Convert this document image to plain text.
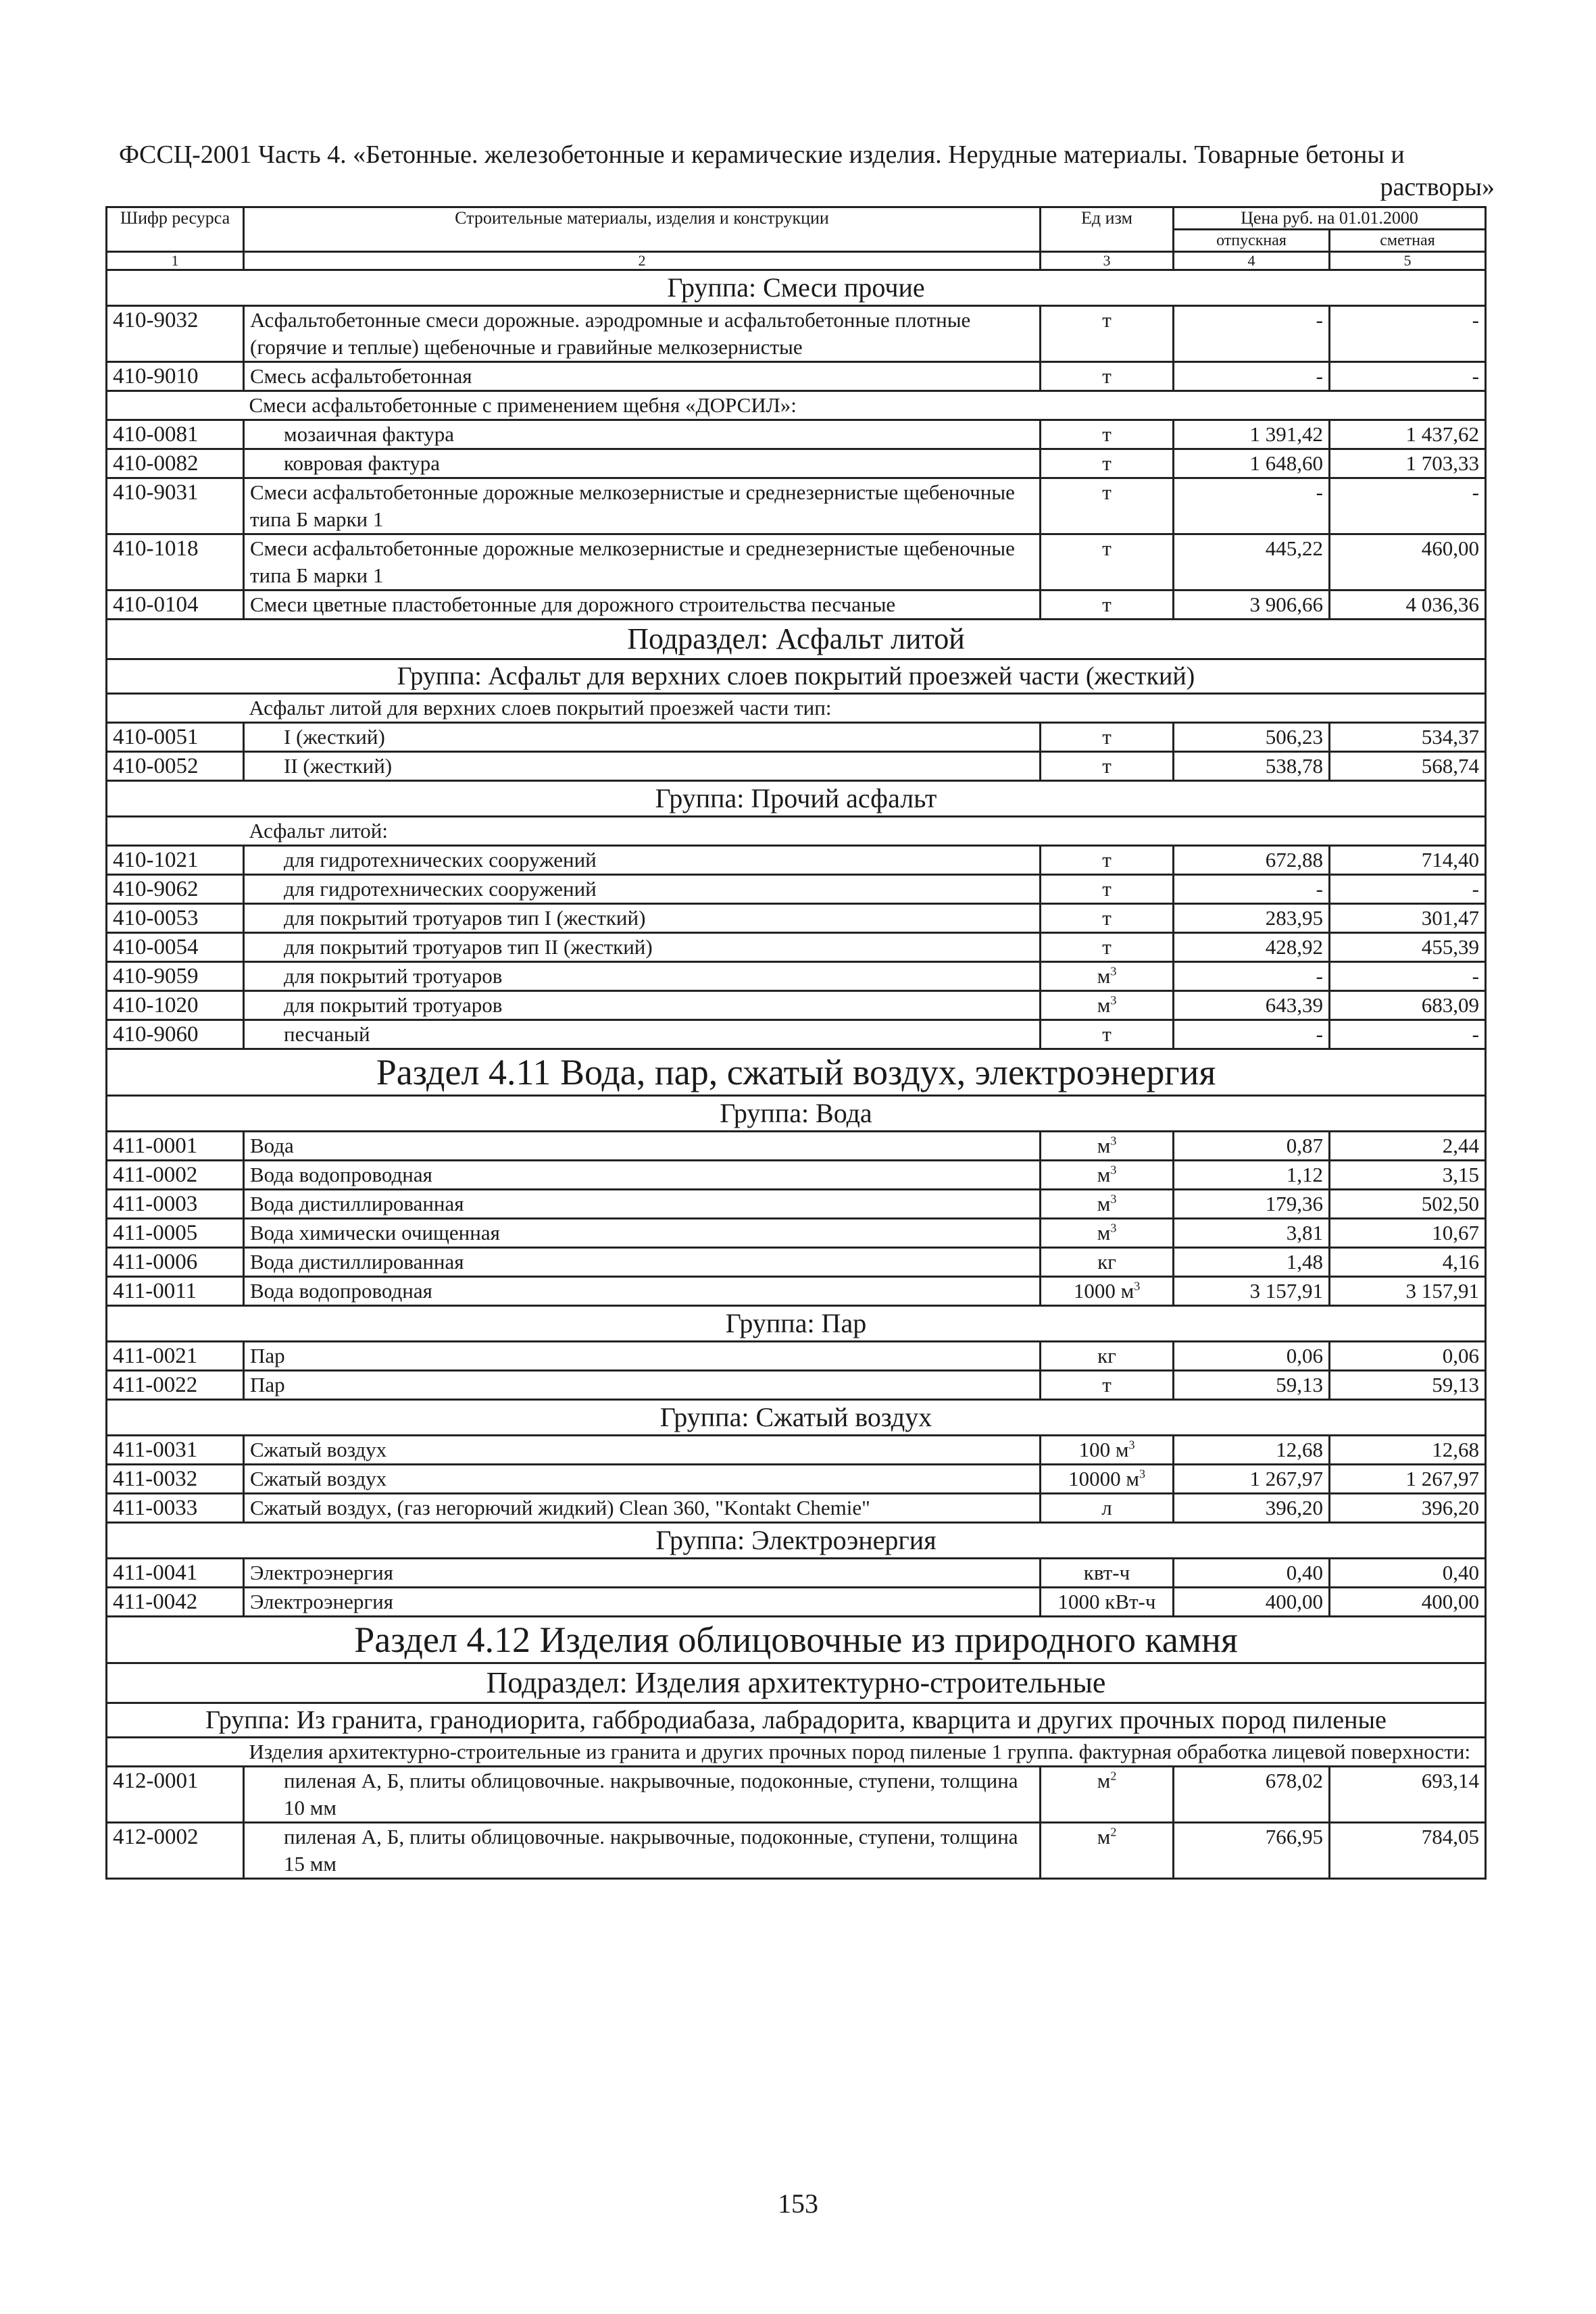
ФССЦ-2001 Часть 4. «Бетонные. железобетонные и керамические изделия. Нерудные материалы. Товарные бетоны и
растворы»
Шифр ресурса	Строительные материалы, изделия и конструкции	Ед изм	Цена руб. на 01.01.2000	
			отпускная	сметная
1	2	3	4	5
Группа: Смеси прочие				
410-9032	Асфальтобетонные смеси дорожные. аэродромные и асфальтобетонные плотные (горячие и теплые) щебеночные и гравийные мелкозернистые	т	-	-
410-9010	Смесь асфальтобетонная	т	-	-
	Смеси асфальтобетонные с применением щебня «ДОРСИЛ»:			
410-0081	мозаичная фактура	т	1 391,42	1 437,62
410-0082	ковровая фактура	т	1 648,60	1 703,33
410-9031	Смеси асфальтобетонные дорожные мелкозернистые и среднезернистые щебеночные типа Б марки 1	т	-	-
410-1018	Смеси асфальтобетонные дорожные мелкозернистые и среднезернистые щебеночные типа Б марки 1	т	445,22	460,00
410-0104	Смеси цветные пластобетонные для дорожного строительства песчаные	т	3 906,66	4 036,36
Подраздел: Асфальт литой				
Группа: Асфальт для верхних слоев покрытий проезжей части (жесткий)				
	Асфальт литой для верхних слоев покрытий проезжей части тип:			
410-0051	I (жесткий)	т	506,23	534,37
410-0052	II (жесткий)	т	538,78	568,74
Группа: Прочий асфальт				
	Асфальт литой:			
410-1021	для гидротехнических сооружений	т	672,88	714,40
410-9062	для гидротехнических сооружений	т	-	-
410-0053	для покрытий тротуаров тип I (жесткий)	т	283,95	301,47
410-0054	для покрытий тротуаров тип II (жесткий)	т	428,92	455,39
410-9059	для покрытий тротуаров	$м^3$	-	-
410-1020	для покрытий тротуаров	$м^3$	643,39	683,09
410-9060	песчаный	т	-	-
Раздел 4.11 Вода, пар, сжатый воздух, электроэнергия				
Группа: Вода				
411-0001	Вода	$м^3$	0,87	2,44
411-0002	Вода водопроводная	$м^3$	1,12	3,15
411-0003	Вода дистиллированная	$м^3$	179,36	502,50
411-0005	Вода химически очищенная	$м^3$	3,81	10,67
411-0006	Вода дистиллированная	кг	1,48	4,16
411-0011	Вода водопроводная	1000 $м^3$	3 157,91	3 157,91
Группа: Пар				
411-0021	Пар	кг	0,06	0,06
411-0022	Пар	т	59,13	59,13
Группа: Сжатый воздух				
411-0031	Сжатый воздух	100 $м^3$	12,68	12,68
411-0032	Сжатый воздух	10000 $м^3$	1 267,97	1 267,97
411-0033	Сжатый воздух, (газ негорючий жидкий) Clean 360, "Kontakt Chemie"	л	396,20	396,20
Группа: Электроэнергия				
411-0041	Электроэнергия	квт-ч	0,40	0,40
411-0042	Электроэнергия	1000 кВт-ч	400,00	400,00
Раздел 4.12 Изделия облицовочные из природного камня				
Подраздел: Изделия архитектурно-строительные				
Группа: Из гранита, гранодиорита, габбродиабаза, лабрадорита, кварцита и других прочных пород пиленые				
	Изделия архитектурно-строительные из гранита и других прочных пород пиленые 1 группа. фактурная обработка лицевой поверхности:			
412-0001	пиленая А, Б, плиты облицовочные. накрывочные, подоконные, ступени, толщина 10 мм	$м^2$	678,02	693,14
412-0002	пиленая А, Б, плиты облицовочные. накрывочные, подоконные, ступени, толщина 15 мм	$м^2$	766,95	784,05
153
